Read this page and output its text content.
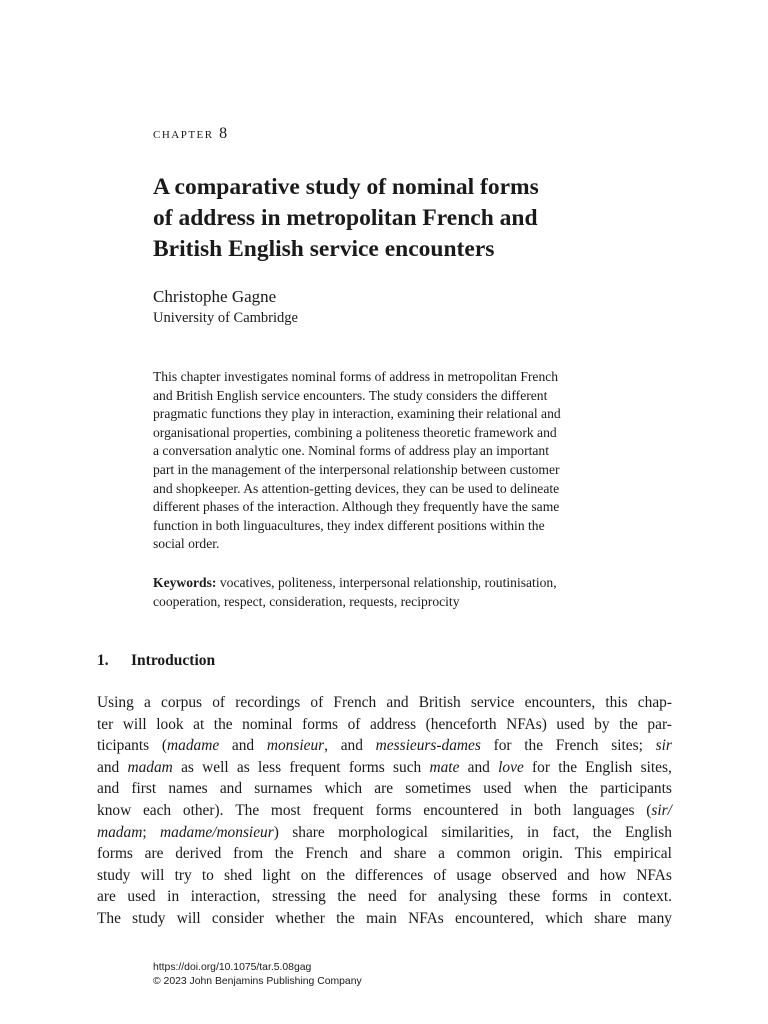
chapter 8
A comparative study of nominal forms
of address in metropolitan French and
British English service encounters
Christophe Gagne
University of Cambridge
This chapter investigates nominal forms of address in metropolitan French
and British English service encounters. The study considers the different
pragmatic functions they play in interaction, examining their relational and
organisational properties, combining a politeness theoretic framework and
a conversation analytic one. Nominal forms of address play an important
part in the management of the interpersonal relationship between customer
and shopkeeper. As attention-getting devices, they can be used to delineate
different phases of the interaction. Although they frequently have the same
function in both linguacultures, they index different positions within the
social order.
Keywords: vocatives, politeness, interpersonal relationship, routinisation,
cooperation, respect, consideration, requests, reciprocity
1. Introduction
Using a corpus of recordings of French and British service encounters, this chap-
ter will look at the nominal forms of address (henceforth NFAs) used by the par-
ticipants (madame and monsieur, and messieurs-dames for the French sites; sir
and madam as well as less frequent forms such mate and love for the English sites,
and first names and surnames which are sometimes used when the participants
know each other). The most frequent forms encountered in both languages (sir/
madam; madame/monsieur) share morphological similarities, in fact, the English
forms are derived from the French and share a common origin. This empirical
study will try to shed light on the differences of usage observed and how NFAs
are used in interaction, stressing the need for analysing these forms in context.
The study will consider whether the main NFAs encountered, which share many
https://doi.org/10.1075/tar.5.08gag
© 2023 John Benjamins Publishing Company
